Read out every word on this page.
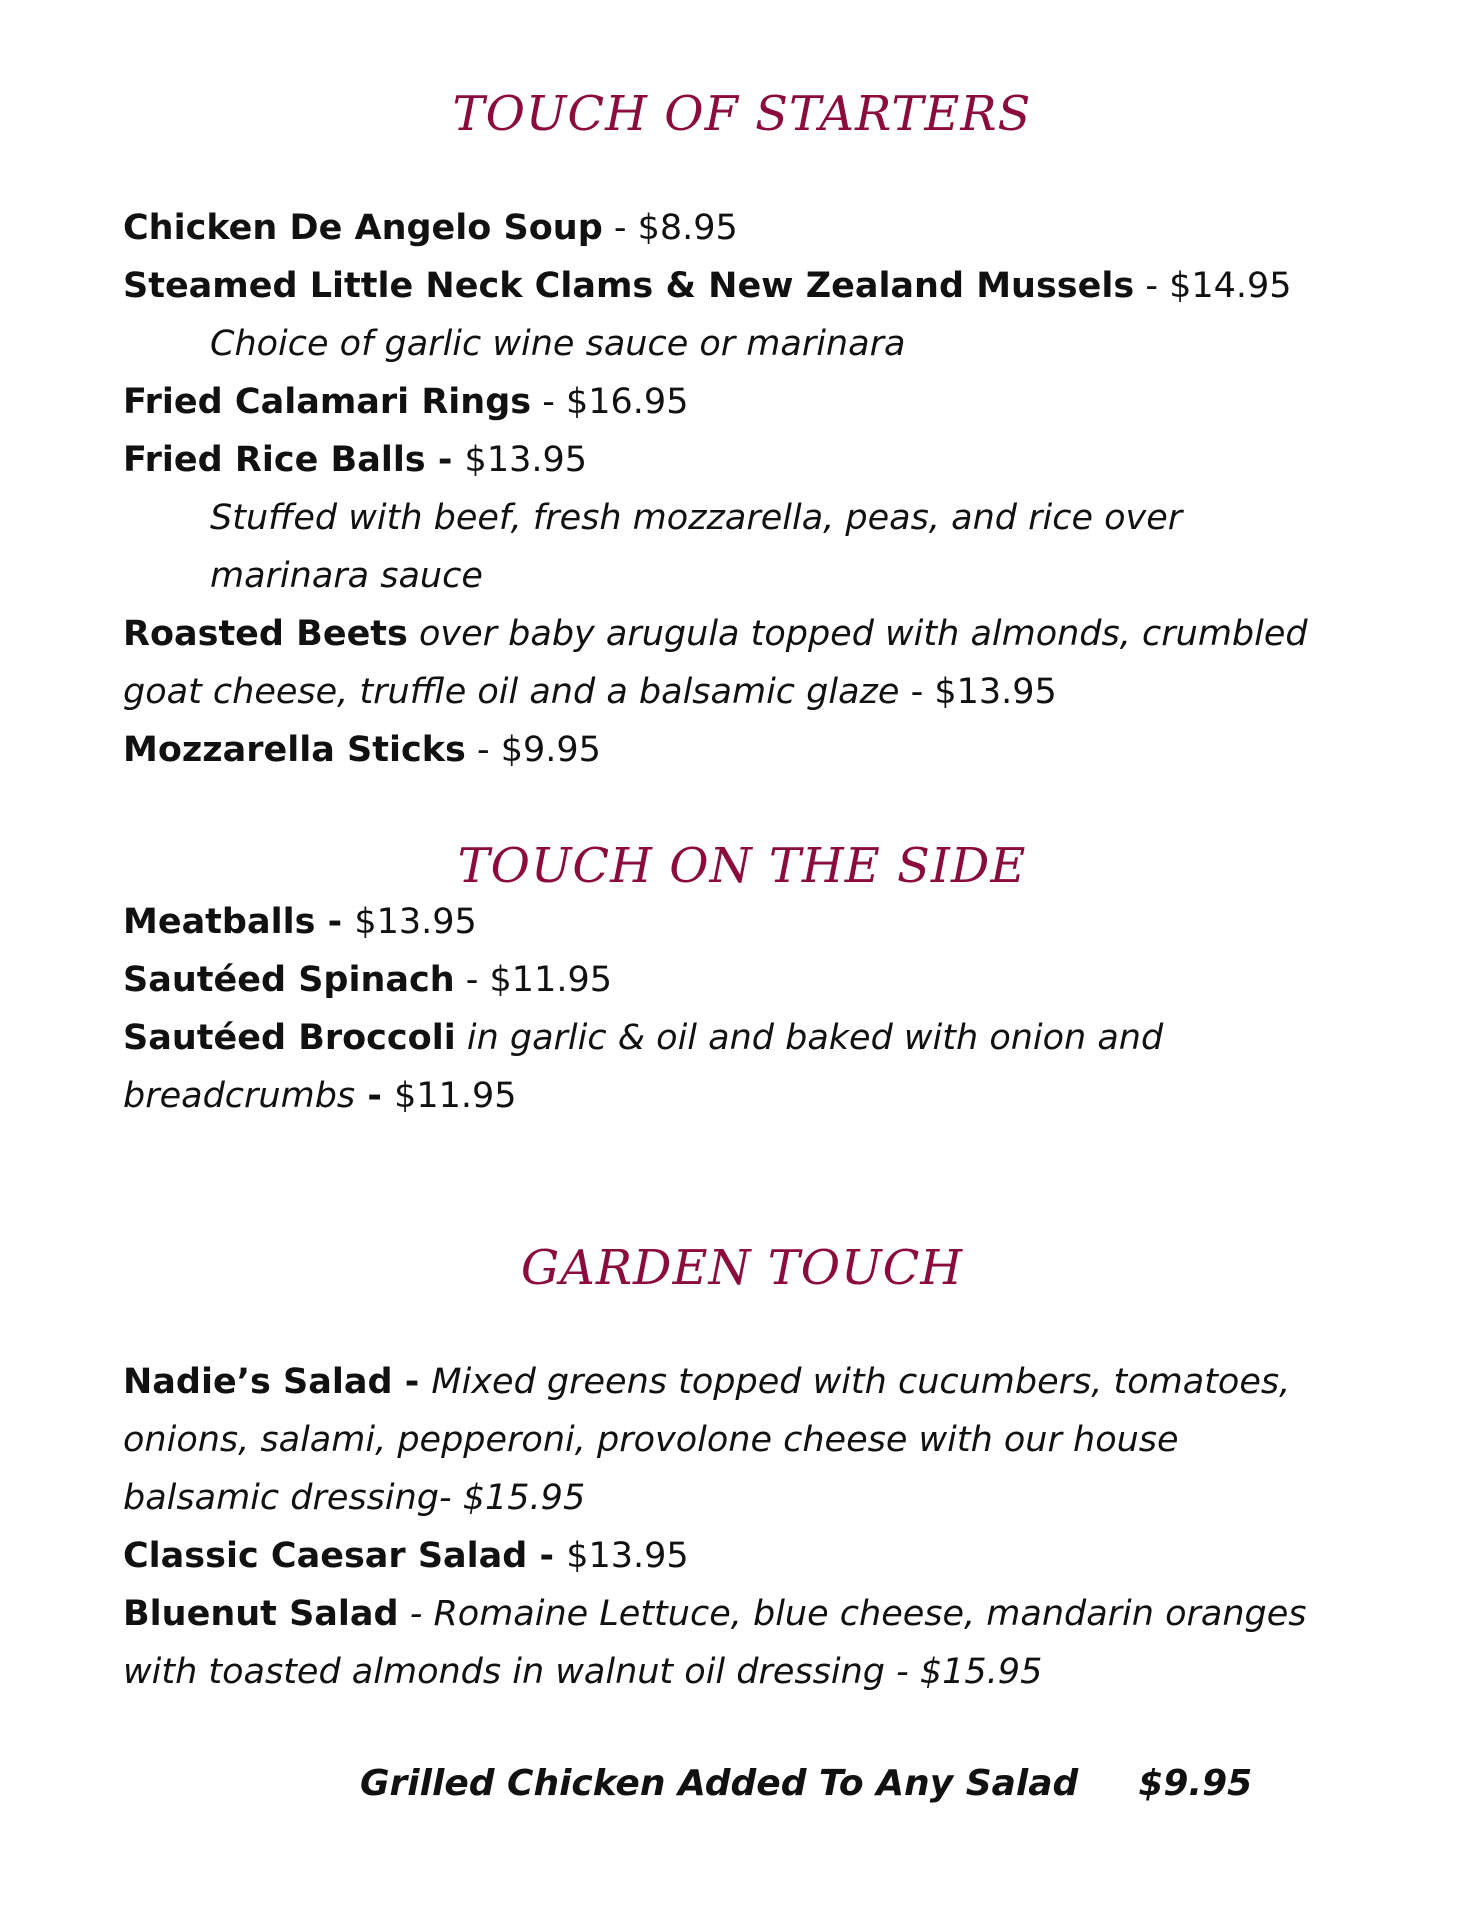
TOUCH OF STARTERS
Chicken De Angelo Soup - $8.95
Steamed Little Neck Clams & New Zealand Mussels - $14.95
Choice of garlic wine sauce or marinara
Fried Calamari Rings - $16.95
Fried Rice Balls - $13.95
Stuffed with beef, fresh mozzarella, peas, and rice over
marinara sauce
Roasted Beets over baby arugula topped with almonds, crumbled
goat cheese, truffle oil and a balsamic glaze - $13.95
Mozzarella Sticks - $9.95
TOUCH ON THE SIDE
Meatballs - $13.95
Sautéed Spinach - $11.95
Sautéed Broccoli in garlic & oil and baked with onion and
breadcrumbs - $11.95
GARDEN TOUCH
Nadie’s Salad - Mixed greens topped with cucumbers, tomatoes,
onions, salami, pepperoni, provolone cheese with our house
balsamic dressing- $15.95
Classic Caesar Salad - $13.95
Bluenut Salad - Romaine Lettuce, blue cheese, mandarin oranges
with toasted almonds in walnut oil dressing - $15.95
Grilled Chicken Added To Any Salad $9.95
